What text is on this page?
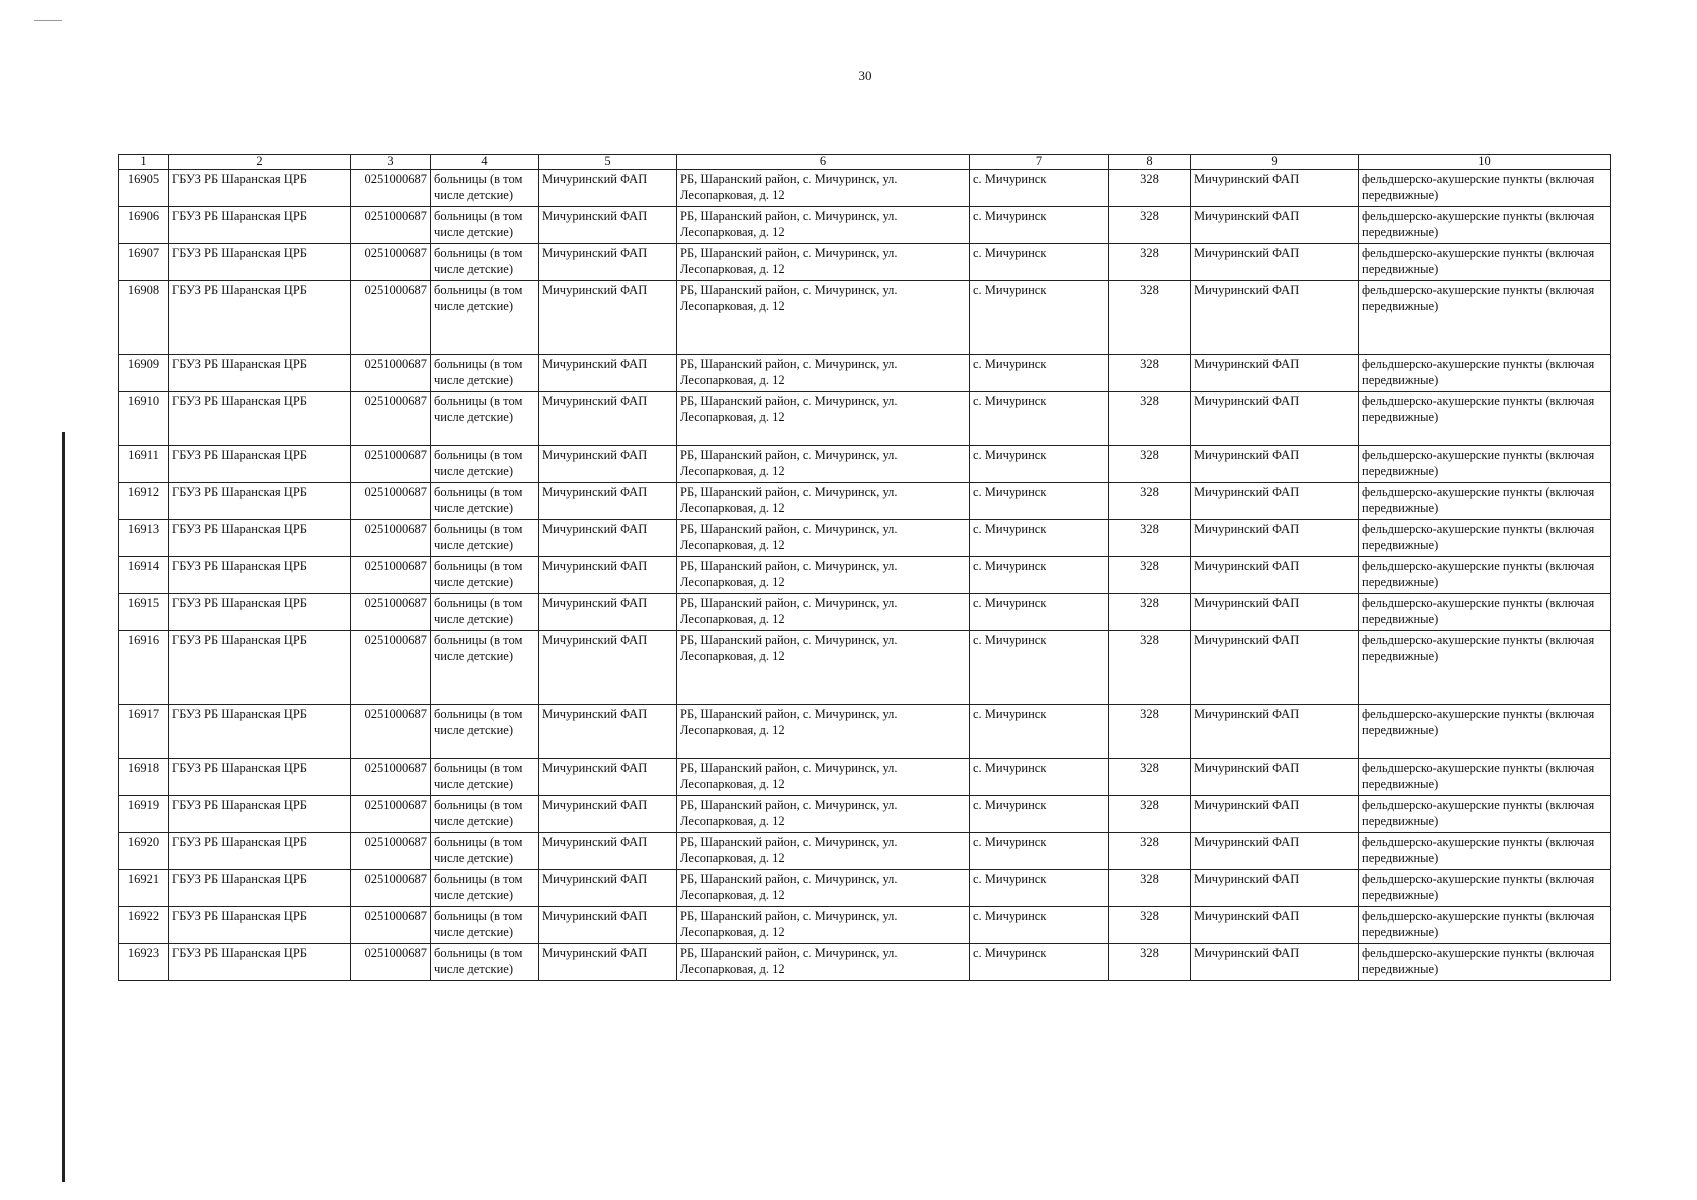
30
1	2	3	4	5	6	7	8	9	10
16905	ГБУЗ РБ Шаранская ЦРБ	0251000687	больницы (в том числе детские)	Мичуринский ФАП	РБ, Шаранский район, с. Мичуринск, ул. Лесопарковая, д. 12	с. Мичуринск	328	Мичуринский ФАП	фельдшерско-акушерские пункты (включая передвижные)
16906	ГБУЗ РБ Шаранская ЦРБ	0251000687	больницы (в том числе детские)	Мичуринский ФАП	РБ, Шаранский район, с. Мичуринск, ул. Лесопарковая, д. 12	с. Мичуринск	328	Мичуринский ФАП	фельдшерско-акушерские пункты (включая передвижные)
16907	ГБУЗ РБ Шаранская ЦРБ	0251000687	больницы (в том числе детские)	Мичуринский ФАП	РБ, Шаранский район, с. Мичуринск, ул. Лесопарковая, д. 12	с. Мичуринск	328	Мичуринский ФАП	фельдшерско-акушерские пункты (включая передвижные)
16908	ГБУЗ РБ Шаранская ЦРБ	0251000687	больницы (в том числе детские)	Мичуринский ФАП	РБ, Шаранский район, с. Мичуринск, ул. Лесопарковая, д. 12	с. Мичуринск	328	Мичуринский ФАП	фельдшерско-акушерские пункты (включая передвижные)
16909	ГБУЗ РБ Шаранская ЦРБ	0251000687	больницы (в том числе детские)	Мичуринский ФАП	РБ, Шаранский район, с. Мичуринск, ул. Лесопарковая, д. 12	с. Мичуринск	328	Мичуринский ФАП	фельдшерско-акушерские пункты (включая передвижные)
16910	ГБУЗ РБ Шаранская ЦРБ	0251000687	больницы (в том числе детские)	Мичуринский ФАП	РБ, Шаранский район, с. Мичуринск, ул. Лесопарковая, д. 12	с. Мичуринск	328	Мичуринский ФАП	фельдшерско-акушерские пункты (включая передвижные)
16911	ГБУЗ РБ Шаранская ЦРБ	0251000687	больницы (в том числе детские)	Мичуринский ФАП	РБ, Шаранский район, с. Мичуринск, ул. Лесопарковая, д. 12	с. Мичуринск	328	Мичуринский ФАП	фельдшерско-акушерские пункты (включая передвижные)
16912	ГБУЗ РБ Шаранская ЦРБ	0251000687	больницы (в том числе детские)	Мичуринский ФАП	РБ, Шаранский район, с. Мичуринск, ул. Лесопарковая, д. 12	с. Мичуринск	328	Мичуринский ФАП	фельдшерско-акушерские пункты (включая передвижные)
16913	ГБУЗ РБ Шаранская ЦРБ	0251000687	больницы (в том числе детские)	Мичуринский ФАП	РБ, Шаранский район, с. Мичуринск, ул. Лесопарковая, д. 12	с. Мичуринск	328	Мичуринский ФАП	фельдшерско-акушерские пункты (включая передвижные)
16914	ГБУЗ РБ Шаранская ЦРБ	0251000687	больницы (в том числе детские)	Мичуринский ФАП	РБ, Шаранский район, с. Мичуринск, ул. Лесопарковая, д. 12	с. Мичуринск	328	Мичуринский ФАП	фельдшерско-акушерские пункты (включая передвижные)
16915	ГБУЗ РБ Шаранская ЦРБ	0251000687	больницы (в том числе детские)	Мичуринский ФАП	РБ, Шаранский район, с. Мичуринск, ул. Лесопарковая, д. 12	с. Мичуринск	328	Мичуринский ФАП	фельдшерско-акушерские пункты (включая передвижные)
16916	ГБУЗ РБ Шаранская ЦРБ	0251000687	больницы (в том числе детские)	Мичуринский ФАП	РБ, Шаранский район, с. Мичуринск, ул. Лесопарковая, д. 12	с. Мичуринск	328	Мичуринский ФАП	фельдшерско-акушерские пункты (включая передвижные)
16917	ГБУЗ РБ Шаранская ЦРБ	0251000687	больницы (в том числе детские)	Мичуринский ФАП	РБ, Шаранский район, с. Мичуринск, ул. Лесопарковая, д. 12	с. Мичуринск	328	Мичуринский ФАП	фельдшерско-акушерские пункты (включая передвижные)
16918	ГБУЗ РБ Шаранская ЦРБ	0251000687	больницы (в том числе детские)	Мичуринский ФАП	РБ, Шаранский район, с. Мичуринск, ул. Лесопарковая, д. 12	с. Мичуринск	328	Мичуринский ФАП	фельдшерско-акушерские пункты (включая передвижные)
16919	ГБУЗ РБ Шаранская ЦРБ	0251000687	больницы (в том числе детские)	Мичуринский ФАП	РБ, Шаранский район, с. Мичуринск, ул. Лесопарковая, д. 12	с. Мичуринск	328	Мичуринский ФАП	фельдшерско-акушерские пункты (включая передвижные)
16920	ГБУЗ РБ Шаранская ЦРБ	0251000687	больницы (в том числе детские)	Мичуринский ФАП	РБ, Шаранский район, с. Мичуринск, ул. Лесопарковая, д. 12	с. Мичуринск	328	Мичуринский ФАП	фельдшерско-акушерские пункты (включая передвижные)
16921	ГБУЗ РБ Шаранская ЦРБ	0251000687	больницы (в том числе детские)	Мичуринский ФАП	РБ, Шаранский район, с. Мичуринск, ул. Лесопарковая, д. 12	с. Мичуринск	328	Мичуринский ФАП	фельдшерско-акушерские пункты (включая передвижные)
16922	ГБУЗ РБ Шаранская ЦРБ	0251000687	больницы (в том числе детские)	Мичуринский ФАП	РБ, Шаранский район, с. Мичуринск, ул. Лесопарковая, д. 12	с. Мичуринск	328	Мичуринский ФАП	фельдшерско-акушерские пункты (включая передвижные)
16923	ГБУЗ РБ Шаранская ЦРБ	0251000687	больницы (в том числе детские)	Мичуринский ФАП	РБ, Шаранский район, с. Мичуринск, ул. Лесопарковая, д. 12	с. Мичуринск	328	Мичуринский ФАП	фельдшерско-акушерские пункты (включая передвижные)
